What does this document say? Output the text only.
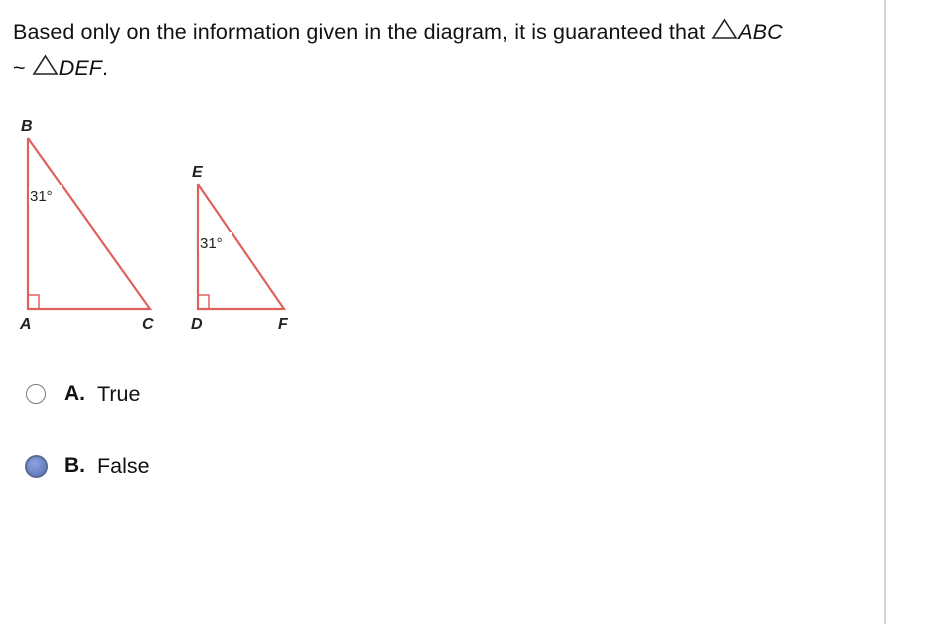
Based only on the information given in the diagram, it is guaranteed that ABC
~ DEF.
B
A	C
31°
E
D	F
31°
A. True
B. False
